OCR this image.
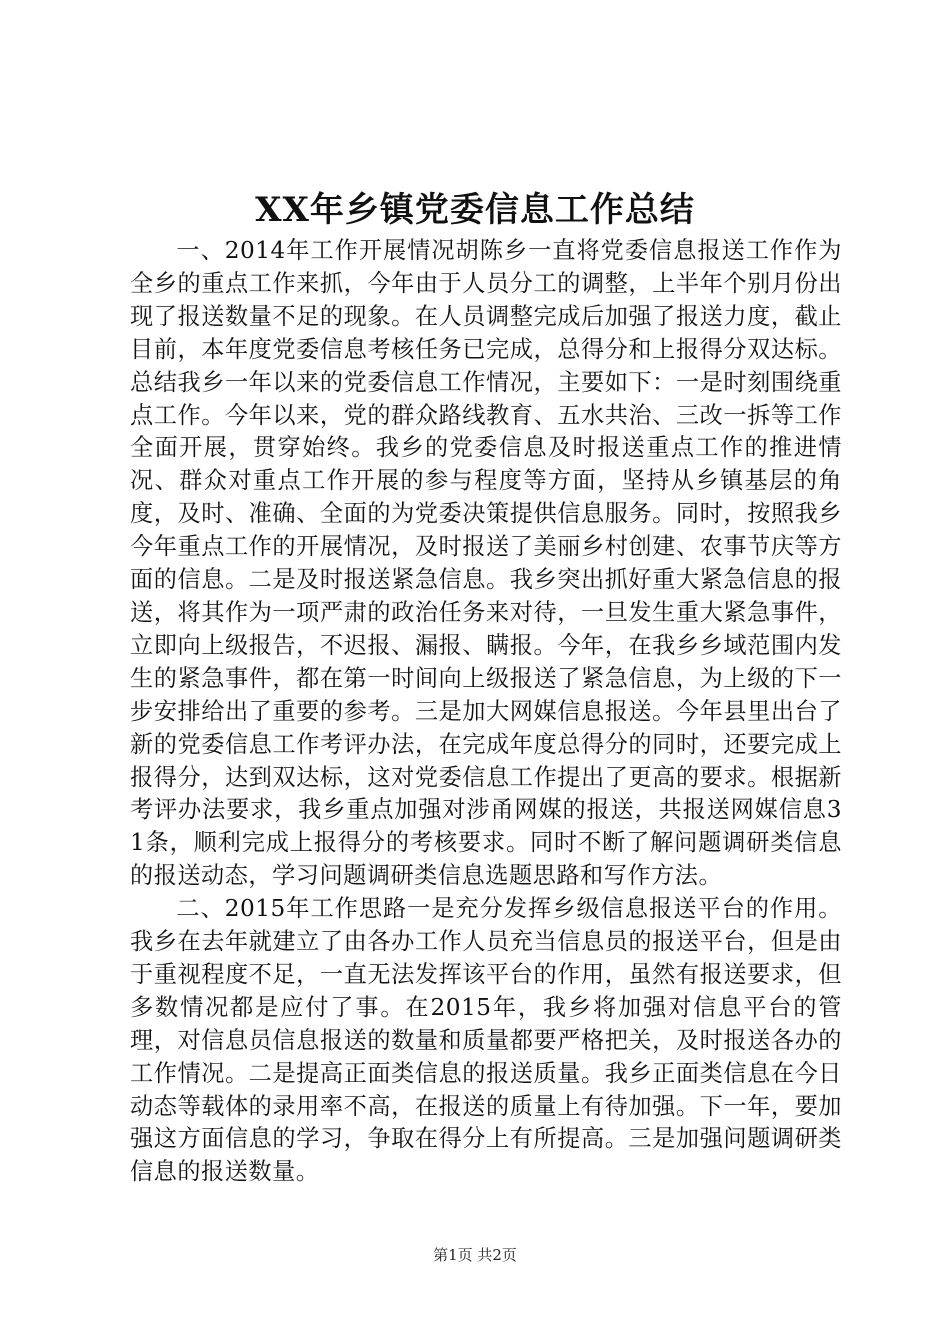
XX年乡镇党委信息工作总结

一、2014年工作开展情况胡陈乡一直将党委信息报送工作作为全乡的重点工作来抓，今年由于人员分工的调整，上半年个别月份出现了报送数量不足的现象。在人员调整完成后加强了报送力度，截止目前，本年度党委信息考核任务已完成，总得分和上报得分双达标。总结我乡一年以来的党委信息工作情况，主要如下：一是时刻围绕重点工作。今年以来，党的群众路线教育、五水共治、三改一拆等工作全面开展，贯穿始终。我乡的党委信息及时报送重点工作的推进情况、群众对重点工作开展的参与程度等方面，坚持从乡镇基层的角度，及时、准确、全面的为党委决策提供信息服务。同时，按照我乡今年重点工作的开展情况，及时报送了美丽乡村创建、农事节庆等方面的信息。二是及时报送紧急信息。我乡突出抓好重大紧急信息的报送，将其作为一项严肃的政治任务来对待，一旦发生重大紧急事件，立即向上级报告，不迟报、漏报、瞒报。今年，在我乡乡域范围内发生的紧急事件，都在第一时间向上级报送了紧急信息，为上级的下一步安排给出了重要的参考。三是加大网媒信息报送。今年县里出台了新的党委信息工作考评办法，在完成年度总得分的同时，还要完成上报得分，达到双达标，这对党委信息工作提出了更高的要求。根据新考评办法要求，我乡重点加强对涉甬网媒的报送，共报送网媒信息31条，顺利完成上报得分的考核要求。同时不断了解问题调研类信息的报送动态，学习问题调研类信息选题思路和写作方法。

二、2015年工作思路一是充分发挥乡级信息报送平台的作用。我乡在去年就建立了由各办工作人员充当信息员的报送平台，但是由于重视程度不足，一直无法发挥该平台的作用，虽然有报送要求，但多数情况都是应付了事。在2015年，我乡将加强对信息平台的管理，对信息员信息报送的数量和质量都要严格把关，及时报送各办的工作情况。二是提高正面类信息的报送质量。我乡正面类信息在今日动态等载体的录用率不高，在报送的质量上有待加强。下一年，要加强这方面信息的学习，争取在得分上有所提高。三是加强问题调研类信息的报送数量。

第1页 共2页
